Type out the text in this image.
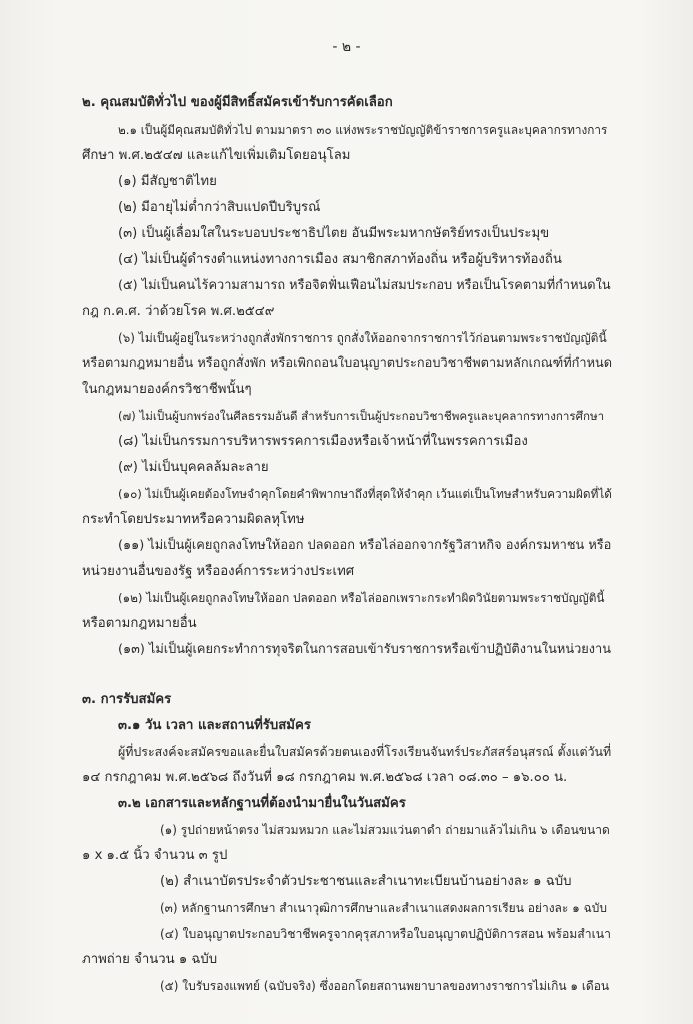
- ๒ -
๒. คุณสมบัติทั่วไป ของผู้มีสิทธิ์สมัครเข้ารับการคัดเลือก
๒.๑ เป็นผู้มีคุณสมบัติทั่วไป ตามมาตรา ๓๐ แห่งพระราชบัญญัติข้าราชการครูและบุคลากรทางการ
ศึกษา พ.ศ.๒๕๔๗ และแก้ไขเพิ่มเติมโดยอนุโลม
(๑) มีสัญชาติไทย
(๒) มีอายุไม่ต่ำกว่าสิบแปดปีบริบูรณ์
(๓) เป็นผู้เลื่อมใสในระบอบประชาธิปไตย อันมีพระมหากษัตริย์ทรงเป็นประมุข
(๔) ไม่เป็นผู้ดำรงตำแหน่งทางการเมือง สมาชิกสภาท้องถิ่น หรือผู้บริหารท้องถิ่น
(๕) ไม่เป็นคนไร้ความสามารถ หรือจิตฟั่นเฟือนไม่สมประกอบ หรือเป็นโรคตามที่กำหนดใน
กฎ ก.ค.ศ. ว่าด้วยโรค พ.ศ.๒๕๔๙
(๖) ไม่เป็นผู้อยู่ในระหว่างถูกสั่งพักราชการ ถูกสั่งให้ออกจากราชการไว้ก่อนตามพระราชบัญญัตินี้
หรือตามกฎหมายอื่น หรือถูกสั่งพัก หรือเพิกถอนใบอนุญาตประกอบวิชาชีพตามหลักเกณฑ์ที่กำหนด
ในกฎหมายองค์กรวิชาชีพนั้นๆ
(๗) ไม่เป็นผู้บกพร่องในศีลธรรมอันดี สำหรับการเป็นผู้ประกอบวิชาชีพครูและบุคลากรทางการศึกษา
(๘) ไม่เป็นกรรมการบริหารพรรคการเมืองหรือเจ้าหน้าที่ในพรรคการเมือง
(๙) ไม่เป็นบุคคลล้มละลาย
(๑๐) ไม่เป็นผู้เคยต้องโทษจำคุกโดยคำพิพากษาถึงที่สุดให้จำคุก เว้นแต่เป็นโทษสำหรับความผิดที่ได้
กระทำโดยประมาทหรือความผิดลหุโทษ
(๑๑) ไม่เป็นผู้เคยถูกลงโทษให้ออก ปลดออก หรือไล่ออกจากรัฐวิสาหกิจ องค์กรมหาชน หรือ
หน่วยงานอื่นของรัฐ หรือองค์การระหว่างประเทศ
(๑๒) ไม่เป็นผู้เคยถูกลงโทษให้ออก ปลดออก หรือไล่ออกเพราะกระทำผิดวินัยตามพระราชบัญญัตินี้
หรือตามกฎหมายอื่น
(๑๓) ไม่เป็นผู้เคยกระทำการทุจริตในการสอบเข้ารับราชการหรือเข้าปฏิบัติงานในหน่วยงาน
๓. การรับสมัคร
๓.๑ วัน เวลา และสถานที่รับสมัคร
ผู้ที่ประสงค์จะสมัครขอและยื่นใบสมัครด้วยตนเองที่โรงเรียนจันทร์ประภัสสร์อนุสรณ์ ตั้งแต่วันที่
๑๔ กรกฎาคม พ.ศ.๒๕๖๘ ถึงวันที่ ๑๘ กรกฎาคม พ.ศ.๒๕๖๘ เวลา ๐๘.๓๐ – ๑๖.๐๐ น.
๓.๒ เอกสารและหลักฐานที่ต้องนำมายื่นในวันสมัคร
(๑) รูปถ่ายหน้าตรง ไม่สวมหมวก และไม่สวมแว่นตาดำ ถ่ายมาแล้วไม่เกิน ๖ เดือนขนาด
๑ x ๑.๕ นิ้ว จำนวน ๓ รูป
(๒) สำเนาบัตรประจำตัวประชาชนและสำเนาทะเบียนบ้านอย่างละ ๑ ฉบับ
(๓) หลักฐานการศึกษา สำเนาวุฒิการศึกษาและสำเนาแสดงผลการเรียน อย่างละ ๑ ฉบับ
(๔) ใบอนุญาตประกอบวิชาชีพครูจากคุรุสภาหรือใบอนุญาตปฏิบัติการสอน พร้อมสำเนา
ภาพถ่าย จำนวน ๑ ฉบับ
(๕) ใบรับรองแพทย์ (ฉบับจริง) ซึ่งออกโดยสถานพยาบาลของทางราชการไม่เกิน ๑ เดือน
